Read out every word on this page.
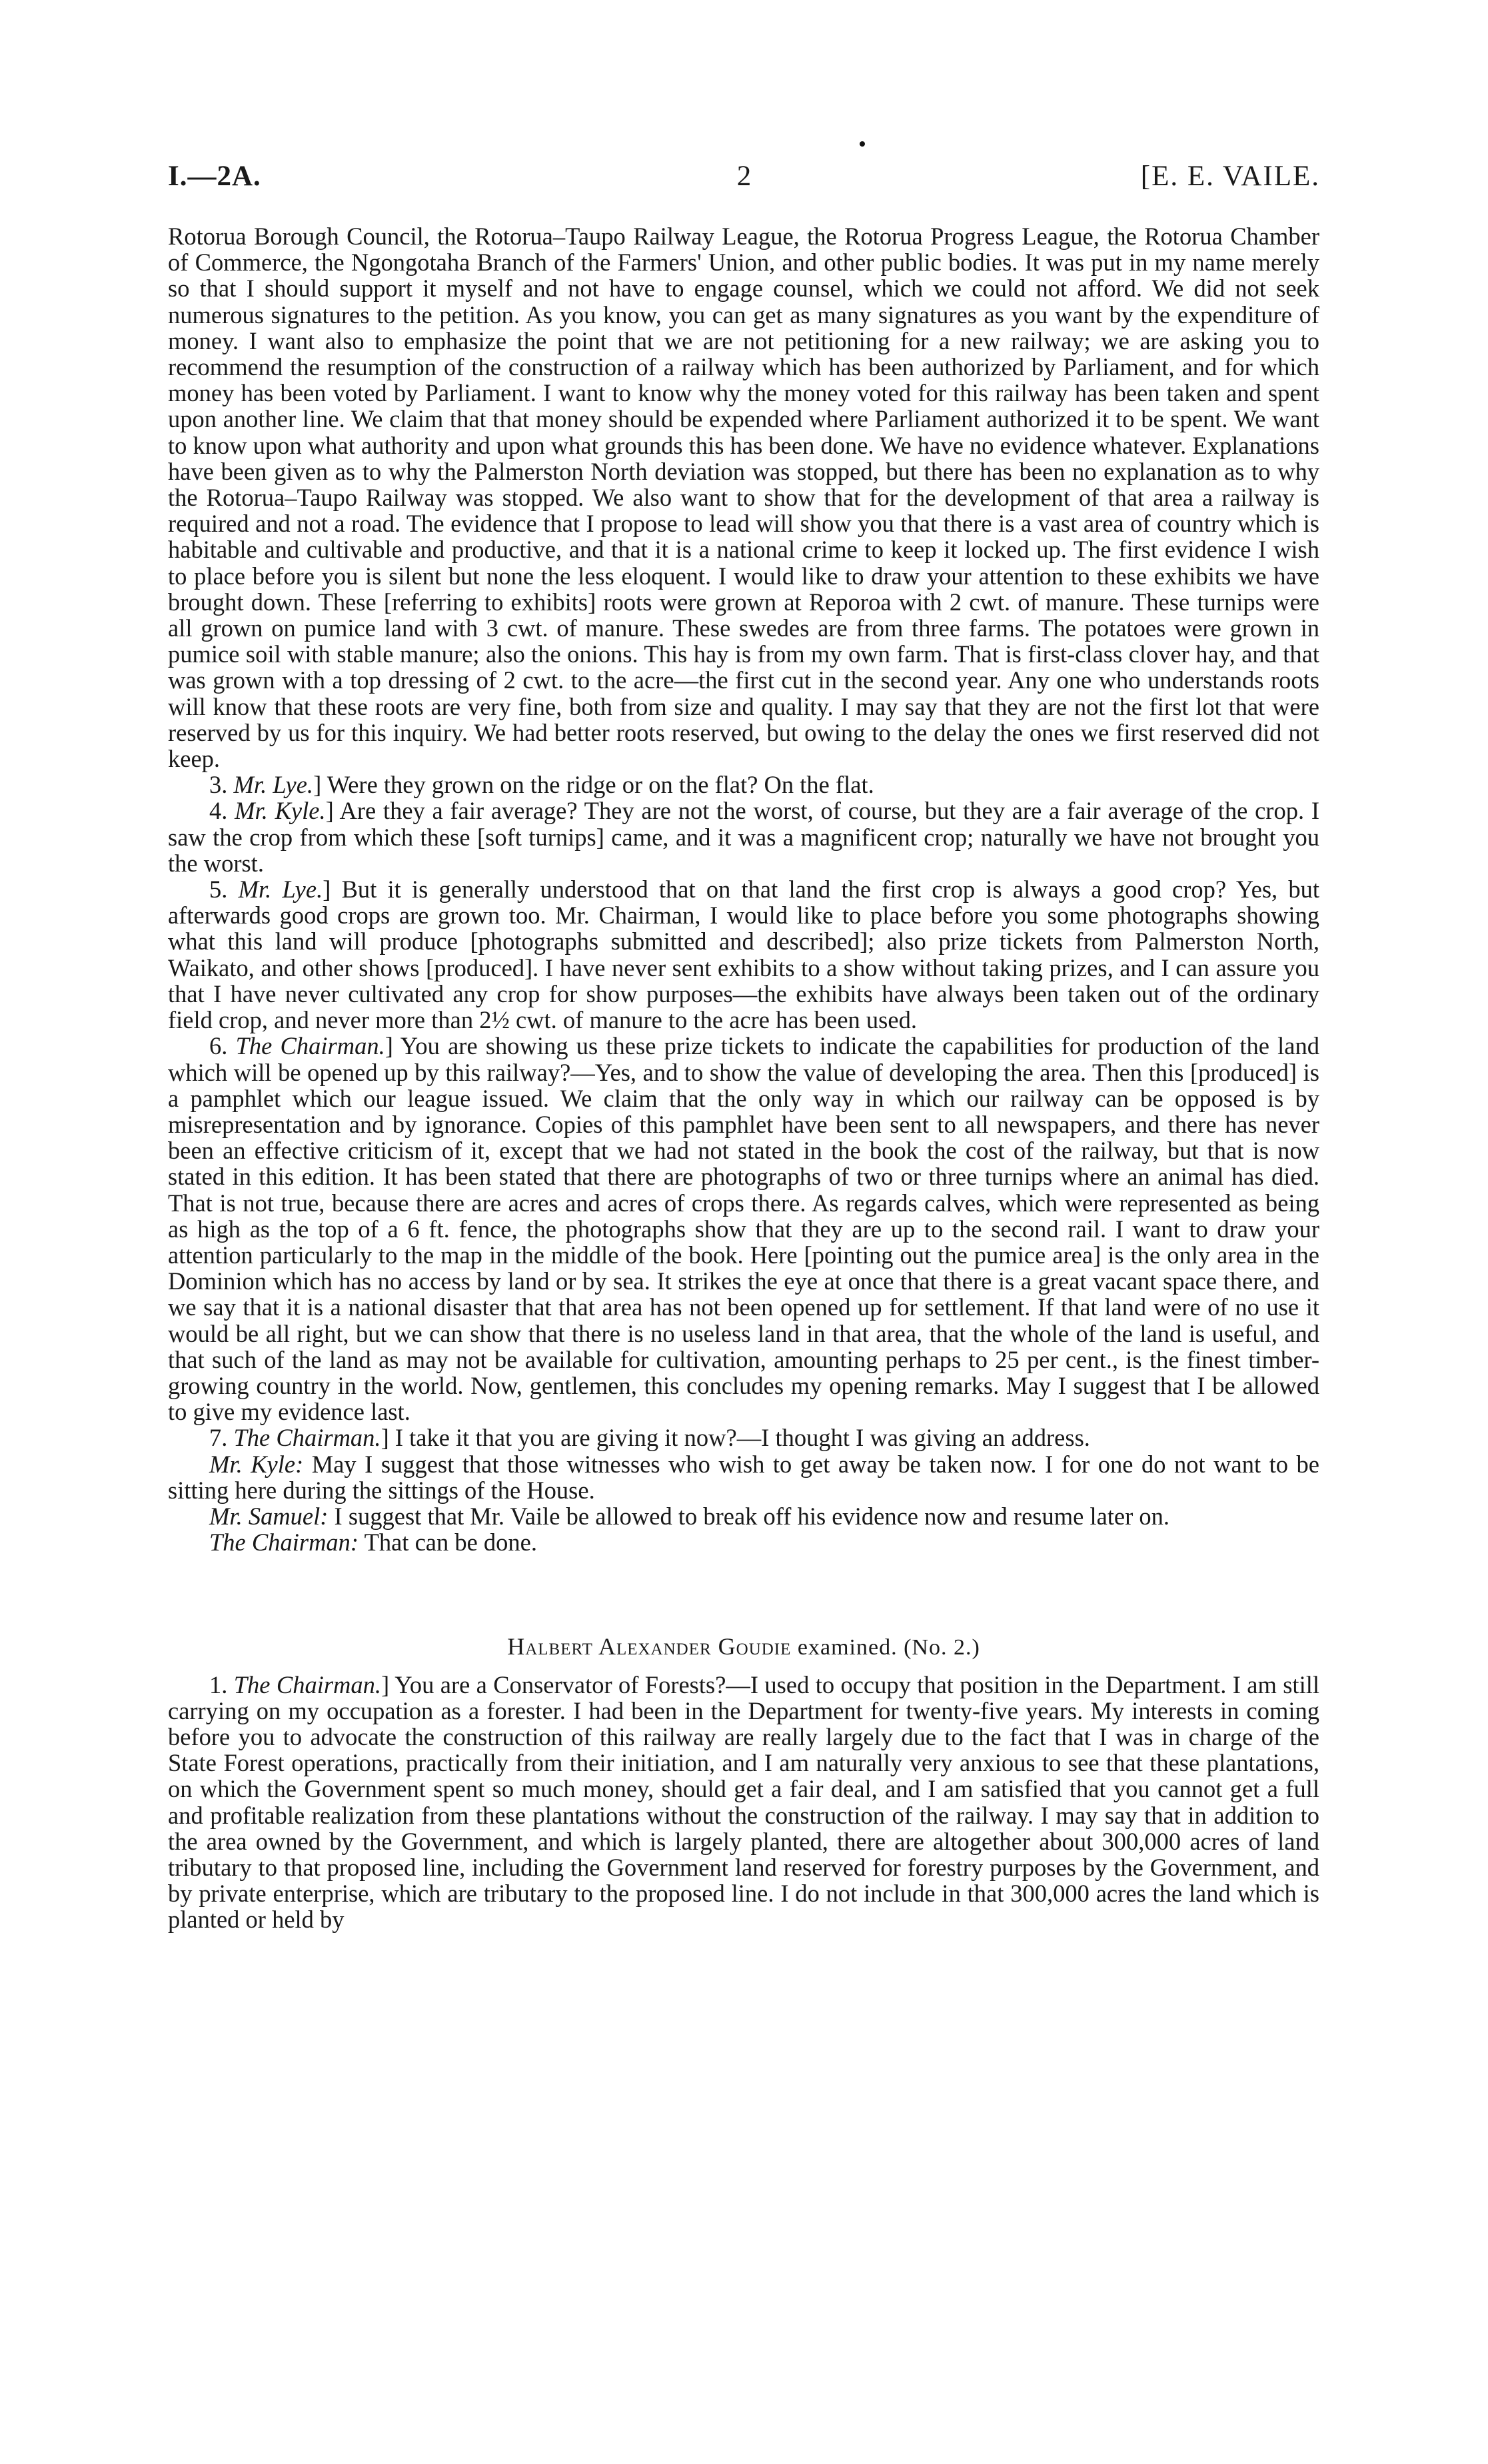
I.—2A.	2	[E. E. VAILE.

Rotorua Borough Council, the Rotorua–Taupo Railway League, the Rotorua Progress League, the Rotorua Chamber of Commerce, the Ngongotaha Branch of the Farmers' Union, and other public bodies. It was put in my name merely so that I should support it myself and not have to engage counsel, which we could not afford. We did not seek numerous signatures to the petition. As you know, you can get as many signatures as you want by the expenditure of money. I want also to emphasize the point that we are not petitioning for a new railway; we are asking you to recommend the resumption of the construction of a railway which has been authorized by Parliament, and for which money has been voted by Parliament. I want to know why the money voted for this railway has been taken and spent upon another line. We claim that that money should be expended where Parliament authorized it to be spent. We want to know upon what authority and upon what grounds this has been done. We have no evidence whatever. Explanations have been given as to why the Palmerston North deviation was stopped, but there has been no explanation as to why the Rotorua–Taupo Railway was stopped. We also want to show that for the development of that area a railway is required and not a road. The evidence that I propose to lead will show you that there is a vast area of country which is habitable and cultivable and productive, and that it is a national crime to keep it locked up. The first evidence I wish to place before you is silent but none the less eloquent. I would like to draw your attention to these exhibits we have brought down. These [referring to exhibits] roots were grown at Reporoa with 2 cwt. of manure. These turnips were all grown on pumice land with 3 cwt. of manure. These swedes are from three farms. The potatoes were grown in pumice soil with stable manure; also the onions. This hay is from my own farm. That is first-class clover hay, and that was grown with a top dressing of 2 cwt. to the acre—the first cut in the second year. Any one who understands roots will know that these roots are very fine, both from size and quality. I may say that they are not the first lot that were reserved by us for this inquiry. We had better roots reserved, but owing to the delay the ones we first reserved did not keep.

3. Mr. Lye.] Were they grown on the ridge or on the flat? On the flat.

4. Mr. Kyle.] Are they a fair average? They are not the worst, of course, but they are a fair average of the crop. I saw the crop from which these [soft turnips] came, and it was a magnificent crop; naturally we have not brought you the worst.

5. Mr. Lye.] But it is generally understood that on that land the first crop is always a good crop? Yes, but afterwards good crops are grown too. Mr. Chairman, I would like to place before you some photographs showing what this land will produce [photographs submitted and described]; also prize tickets from Palmerston North, Waikato, and other shows [produced]. I have never sent exhibits to a show without taking prizes, and I can assure you that I have never cultivated any crop for show purposes—the exhibits have always been taken out of the ordinary field crop, and never more than 2½ cwt. of manure to the acre has been used.

6. The Chairman.] You are showing us these prize tickets to indicate the capabilities for production of the land which will be opened up by this railway?—Yes, and to show the value of developing the area. Then this [produced] is a pamphlet which our league issued. We claim that the only way in which our railway can be opposed is by misrepresentation and by ignorance. Copies of this pamphlet have been sent to all newspapers, and there has never been an effective criticism of it, except that we had not stated in the book the cost of the railway, but that is now stated in this edition. It has been stated that there are photographs of two or three turnips where an animal has died. That is not true, because there are acres and acres of crops there. As regards calves, which were represented as being as high as the top of a 6 ft. fence, the photographs show that they are up to the second rail. I want to draw your attention particularly to the map in the middle of the book. Here [pointing out the pumice area] is the only area in the Dominion which has no access by land or by sea. It strikes the eye at once that there is a great vacant space there, and we say that it is a national disaster that that area has not been opened up for settlement. If that land were of no use it would be all right, but we can show that there is no useless land in that area, that the whole of the land is useful, and that such of the land as may not be available for cultivation, amounting perhaps to 25 per cent., is the finest timber-growing country in the world. Now, gentlemen, this concludes my opening remarks. May I suggest that I be allowed to give my evidence last.

7. The Chairman.] I take it that you are giving it now?—I thought I was giving an address.

Mr. Kyle: May I suggest that those witnesses who wish to get away be taken now. I for one do not want to be sitting here during the sittings of the House.

Mr. Samuel: I suggest that Mr. Vaile be allowed to break off his evidence now and resume later on.

The Chairman: That can be done.

Halbert Alexander Goudie examined. (No. 2.)

1. The Chairman.] You are a Conservator of Forests?—I used to occupy that position in the Department. I am still carrying on my occupation as a forester. I had been in the Department for twenty-five years. My interests in coming before you to advocate the construction of this railway are really largely due to the fact that I was in charge of the State Forest operations, practically from their initiation, and I am naturally very anxious to see that these plantations, on which the Government spent so much money, should get a fair deal, and I am satisfied that you cannot get a full and profitable realization from these plantations without the construction of the railway. I may say that in addition to the area owned by the Government, and which is largely planted, there are altogether about 300,000 acres of land tributary to that proposed line, including the Government land reserved for forestry purposes by the Government, and by private enterprise, which are tributary to the proposed line. I do not include in that 300,000 acres the land which is planted or held by
